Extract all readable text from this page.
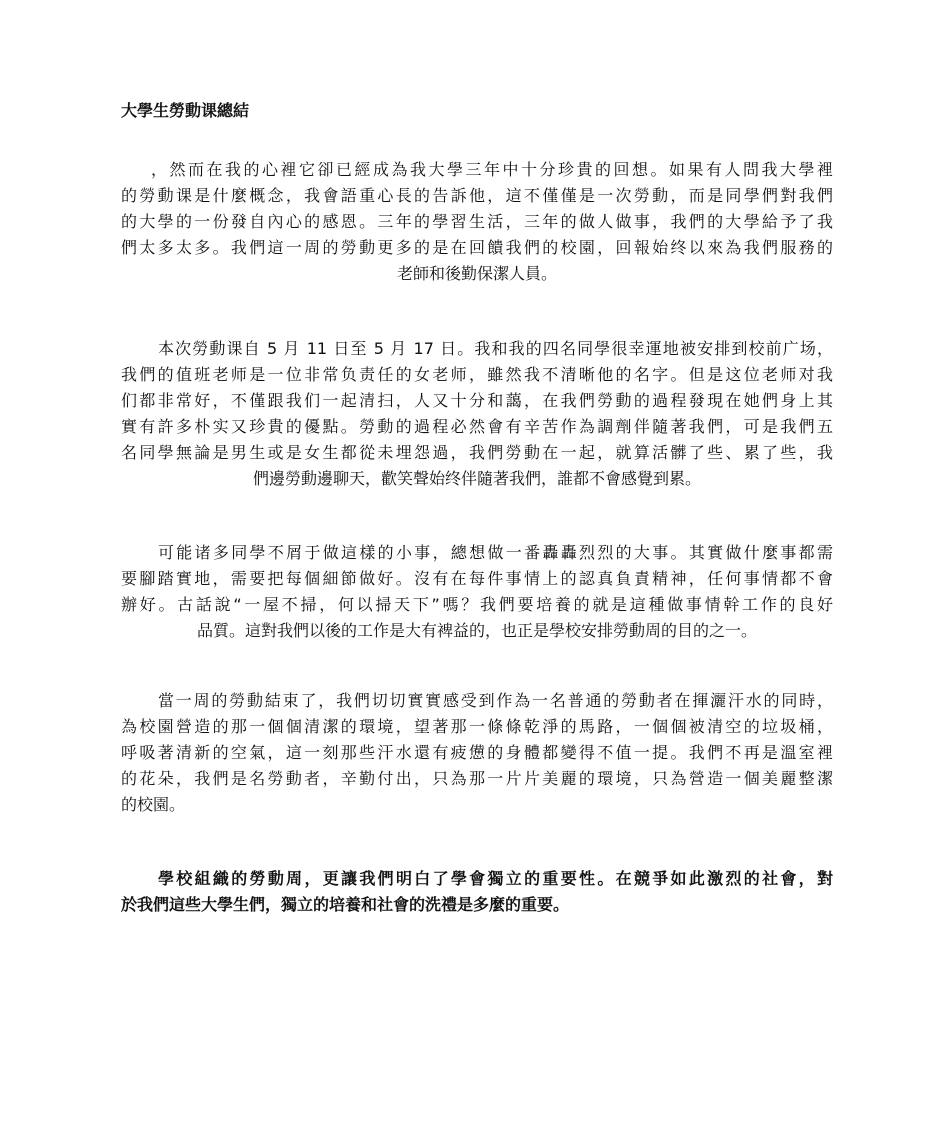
大學生勞動课總結
，然而在我的心裡它卻已經成為我大學三年中十分珍貴的回想。如果有人問我大學裡
的勞動课是什麼概念，我會語重心長的告訴他，這不僅僅是一次勞動，而是同學們對我們
的大學的一份發自內心的感恩。三年的學習生活，三年的做人做事，我們的大學給予了我
們太多太多。我們這一周的勞動更多的是在回饋我們的校園，回報始终以來為我們服務的
老師和後勤保潔人員。
本次勞動课自 5 月 11 日至 5 月 17 日。我和我的四名同學很幸運地被安排到校前广场，
我們的值班老师是一位非常负责任的女老师，雖然我不清晰他的名字。但是这位老师对我
们都非常好，不僅跟我们一起清扫，人又十分和藹，在我們勞動的過程發現在她們身上其
實有許多朴实又珍貴的優點。勞動的過程必然會有辛苦作為調劑伴隨著我們，可是我們五
名同學無論是男生或是女生都從未埋怨過，我們勞動在一起，就算活髒了些、累了些，我
們邊勞動邊聊天，歡笑聲始终伴隨著我們，誰都不會感覺到累。
可能诸多同學不屑于做這樣的小事，總想做一番轟轟烈烈的大事。其實做什麼事都需
要腳踏實地，需要把每個細節做好。沒有在每件事情上的認真負責精神，任何事情都不會
辦好。古話說“一屋不掃，何以掃天下”嗎？我們要培養的就是這種做事情幹工作的良好
品質。這對我們以後的工作是大有裨益的，也正是學校安排勞動周的目的之一。
當一周的勞動結束了，我們切切實實感受到作為一名普通的勞動者在揮灑汗水的同時，
為校園營造的那一個個清潔的環境，望著那一條條乾淨的馬路，一個個被清空的垃圾桶，
呼吸著清新的空氣，這一刻那些汗水還有疲憊的身體都變得不值一提。我們不再是溫室裡
的花朵，我們是名勞動者，辛勤付出，只為那一片片美麗的環境，只為營造一個美麗整潔
的校園。
學校組織的勞動周，更讓我們明白了學會獨立的重要性。在競爭如此激烈的社會，對
於我們這些大學生們，獨立的培養和社會的洗禮是多麼的重要。
